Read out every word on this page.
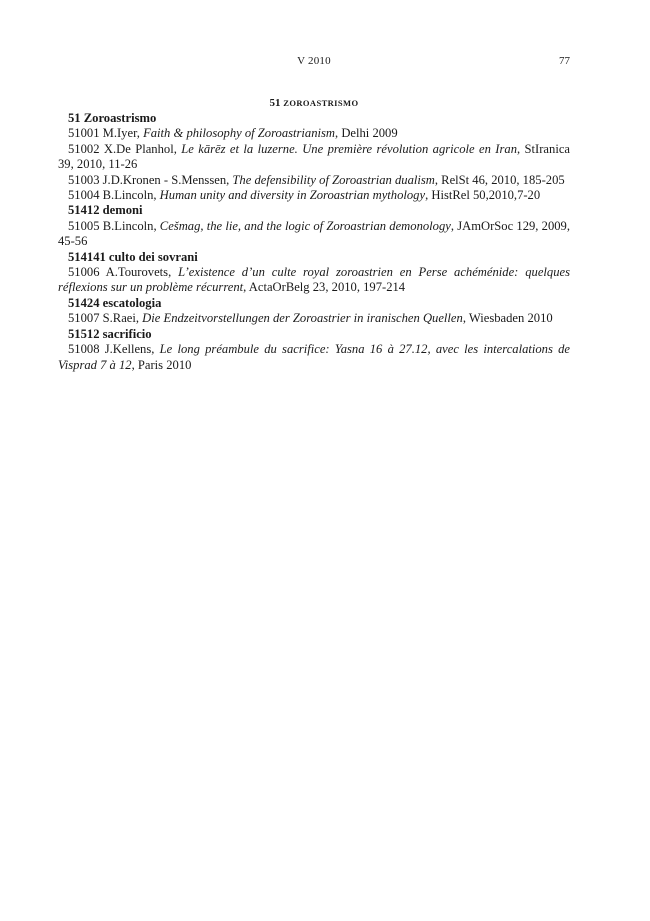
V 2010	77
51 ZOROASTRISMO
51 Zoroastrismo
51001 M.Iyer, Faith & philosophy of Zoroastrianism, Delhi 2009
51002 X.De Planhol, Le kārēz et la luzerne. Une première révolution agricole en Iran, StIranica 39, 2010, 11-26
51003 J.D.Kronen - S.Menssen, The defensibility of Zoroastrian dualism, RelSt 46, 2010, 185-205
51004 B.Lincoln, Human unity and diversity in Zoroastrian mythology, HistRel 50,2010,7-20
51412 demoni
51005 B.Lincoln, Cešmag, the lie, and the logic of Zoroastrian demonology, JAmOrSoc 129, 2009, 45-56
514141 culto dei sovrani
51006 A.Tourovets, L’existence d’un culte royal zoroastrien en Perse achéménide: quelques réflexions sur un problème récurrent, ActaOrBelg 23, 2010, 197-214
51424 escatologia
51007 S.Raei, Die Endzeitvorstellungen der Zoroastrier in iranischen Quellen, Wiesbaden 2010
51512 sacrificio
51008 J.Kellens, Le long préambule du sacrifice: Yasna 16 à 27.12, avec les intercalations de Visprad 7 à 12, Paris 2010
